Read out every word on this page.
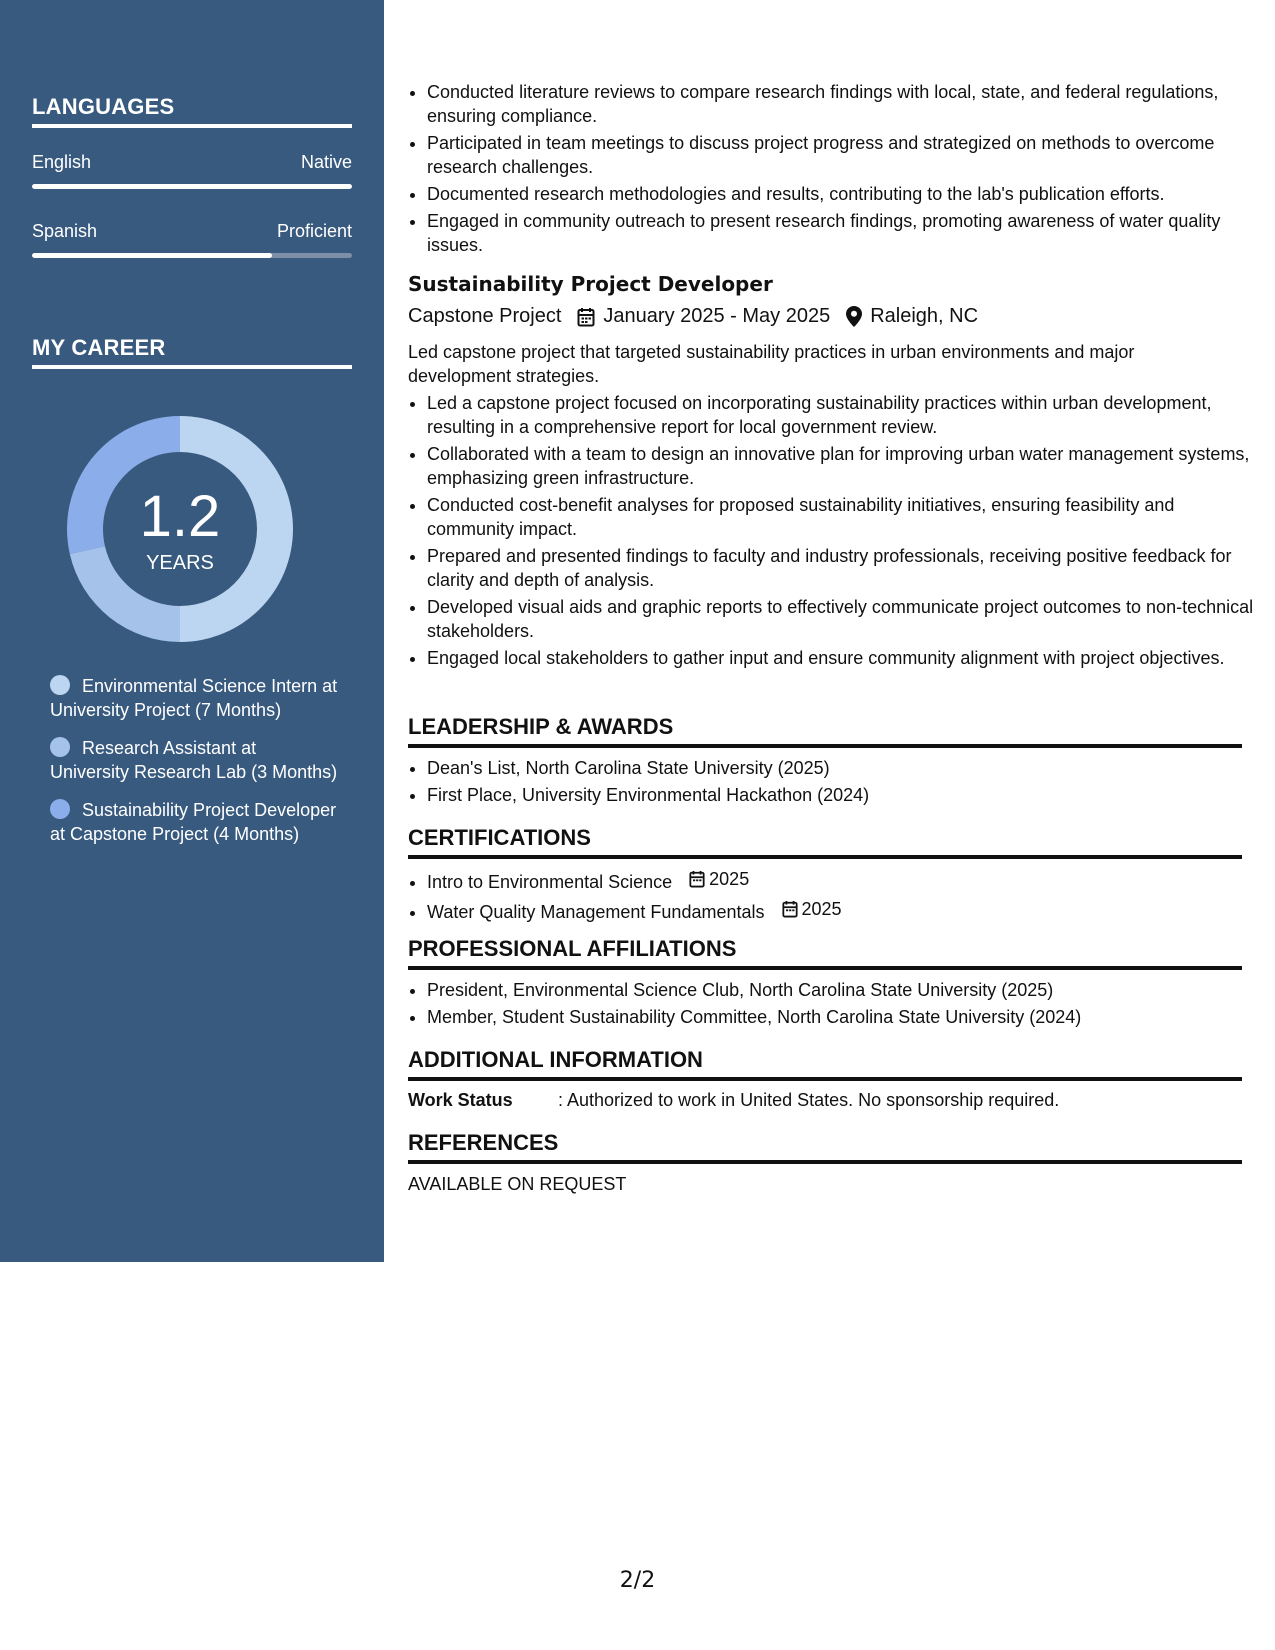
LANGUAGES
English	Native
Spanish	Proficient
MY CAREER
1.2
YEARS
Environmental Science Intern at University Project (7 Months)
Research Assistant at University Research Lab (3 Months)
Sustainability Project Developer at Capstone Project (4 Months)
• Conducted literature reviews to compare research findings with local, state, and federal regulations, ensuring compliance.
• Participated in team meetings to discuss project progress and strategized on methods to overcome research challenges.
• Documented research methodologies and results, contributing to the lab's publication efforts.
• Engaged in community outreach to present research findings, promoting awareness of water quality issues.
Sustainability Project Developer
Capstone Project January 2025 - May 2025 Raleigh, NC
Led capstone project that targeted sustainability practices in urban environments and major development strategies.
• Led a capstone project focused on incorporating sustainability practices within urban development, resulting in a comprehensive report for local government review.
• Collaborated with a team to design an innovative plan for improving urban water management systems, emphasizing green infrastructure.
• Conducted cost-benefit analyses for proposed sustainability initiatives, ensuring feasibility and community impact.
• Prepared and presented findings to faculty and industry professionals, receiving positive feedback for clarity and depth of analysis.
• Developed visual aids and graphic reports to effectively communicate project outcomes to non-technical stakeholders.
• Engaged local stakeholders to gather input and ensure community alignment with project objectives.
LEADERSHIP & AWARDS
• Dean's List, North Carolina State University (2025)
• First Place, University Environmental Hackathon (2024)
CERTIFICATIONS
• Intro to Environmental Science 2025
• Water Quality Management Fundamentals 2025
PROFESSIONAL AFFILIATIONS
• President, Environmental Science Club, North Carolina State University (2025)
• Member, Student Sustainability Committee, North Carolina State University (2024)
ADDITIONAL INFORMATION
Work Status	: Authorized to work in United States. No sponsorship required.
REFERENCES
AVAILABLE ON REQUEST
2/2
